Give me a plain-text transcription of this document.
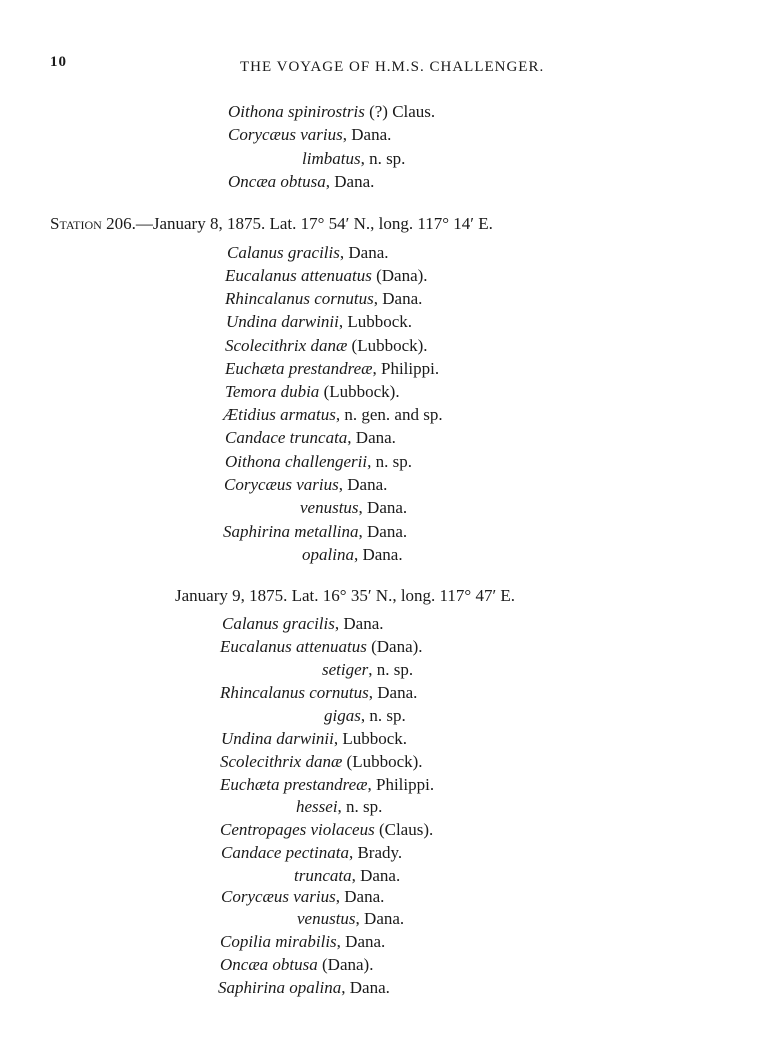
10	THE VOYAGE OF H.M.S. CHALLENGER.
Oithona spinirostris (?) Claus.
Corycæus varius, Dana.
limbatus, n. sp.
Oncæa obtusa, Dana.
Station 206.—January 8, 1875. Lat. 17° 54′ N., long. 117° 14′ E.
Calanus gracilis, Dana.
Eucalanus attenuatus (Dana).
Rhincalanus cornutus, Dana.
Undina darwinii, Lubbock.
Scolecithrix danæ (Lubbock).
Euchæta prestandreæ, Philippi.
Temora dubia (Lubbock).
Ætidius armatus, n. gen. and sp.
Candace truncata, Dana.
Oithona challengerii, n. sp.
Corycæus varius, Dana.
venustus, Dana.
Saphirina metallina, Dana.
opalina, Dana.
January 9, 1875. Lat. 16° 35′ N., long. 117° 47′ E.
Calanus gracilis, Dana.
Eucalanus attenuatus (Dana).
setiger, n. sp.
Rhincalanus cornutus, Dana.
gigas, n. sp.
Undina darwinii, Lubbock.
Scolecithrix danæ (Lubbock).
Euchæta prestandreæ, Philippi.
hessei, n. sp.
Centropages violaceus (Claus).
Candace pectinata, Brady.
truncata, Dana.
Corycæus varius, Dana.
venustus, Dana.
Copilia mirabilis, Dana.
Oncæa obtusa (Dana).
Saphirina opalina, Dana.
